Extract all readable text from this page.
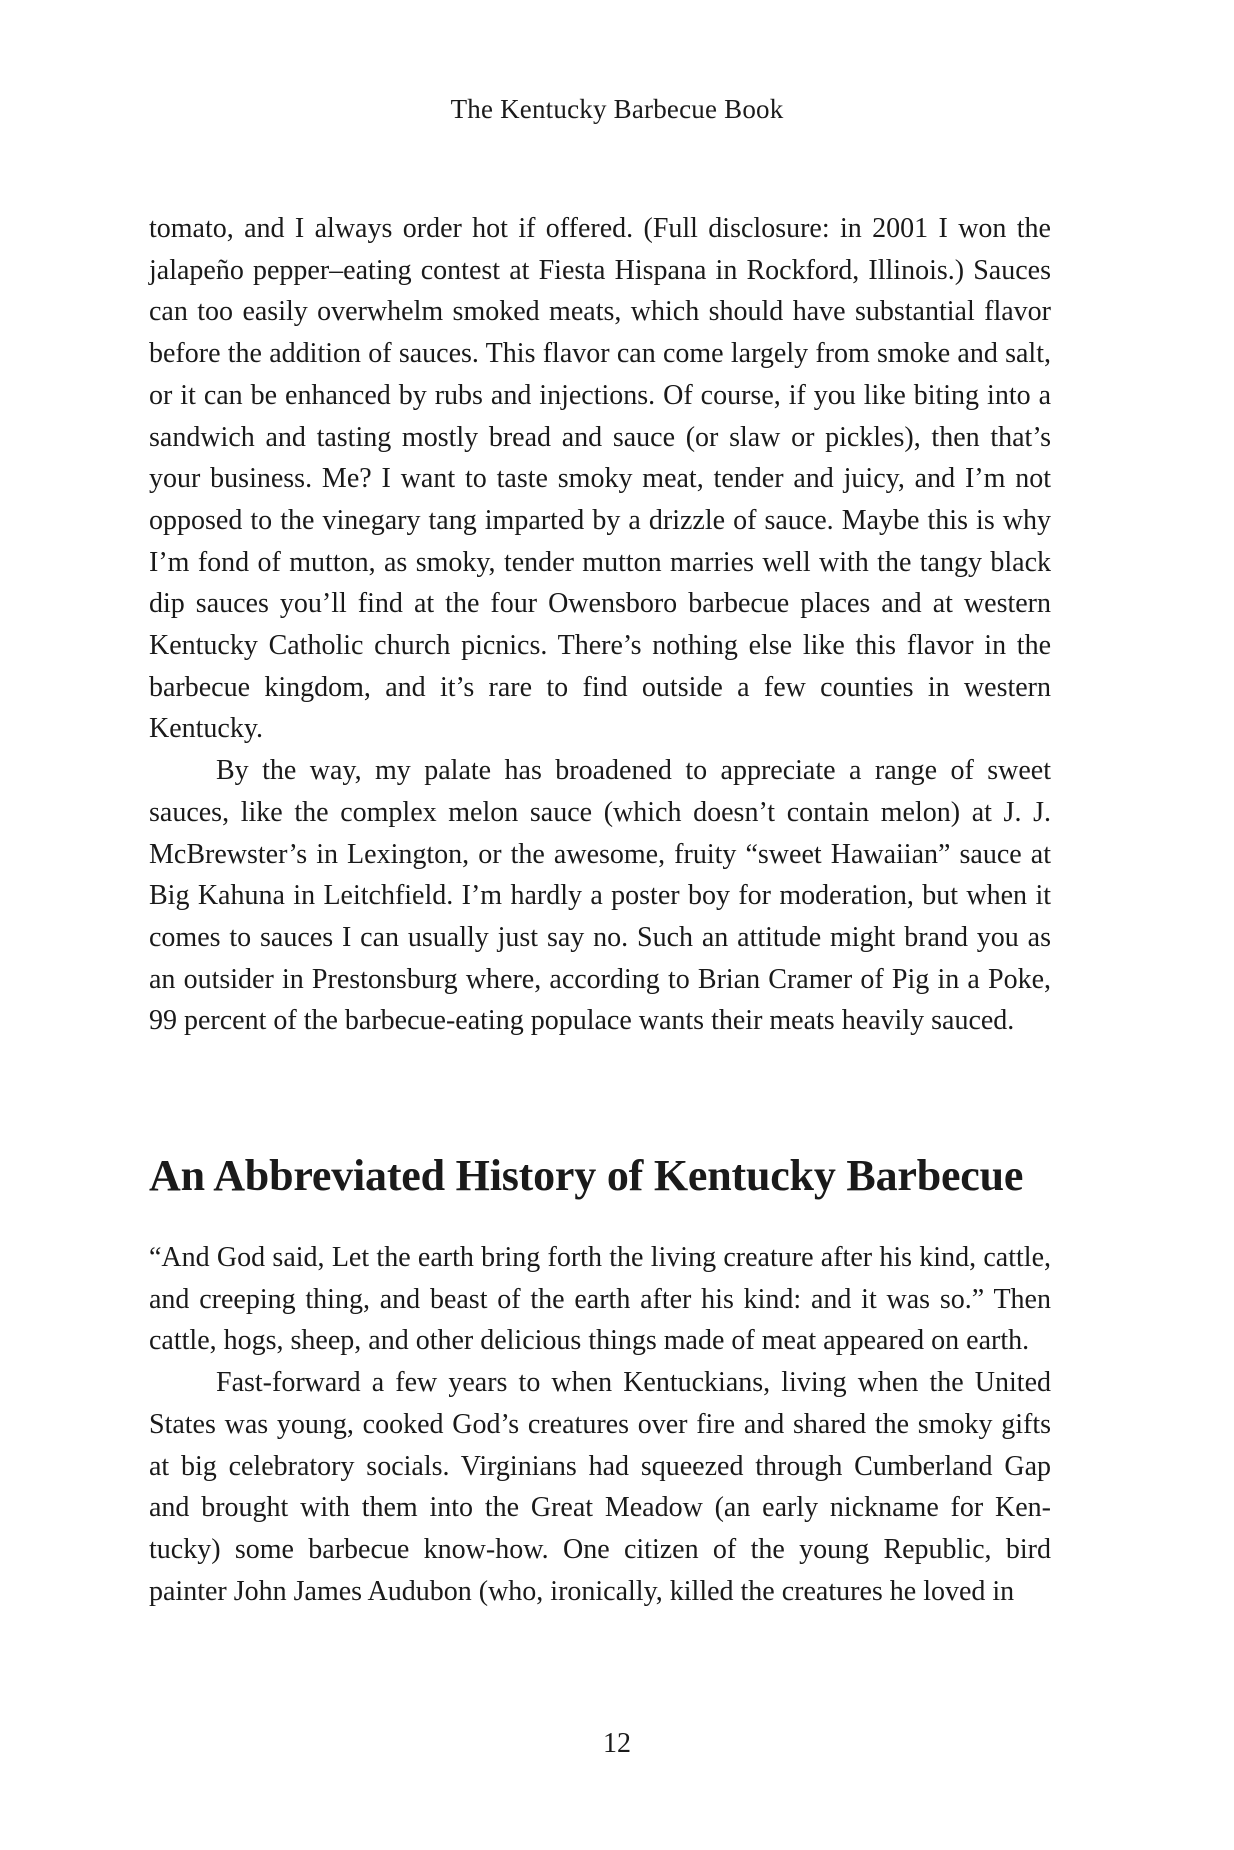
The Kentucky Barbecue Book

tomato, and I always order hot if offered. (Full disclosure: in 2001 I won the jalapeño pepper–eating contest at Fiesta Hispana in Rockford, Illinois.) Sauces can too easily overwhelm smoked meats, which should have substantial flavor before the addition of sauces. This flavor can come largely from smoke and salt, or it can be enhanced by rubs and injections. Of course, if you like biting into a sandwich and tasting mostly bread and sauce (or slaw or pickles), then that’s your business. Me? I want to taste smoky meat, tender and juicy, and I’m not opposed to the vinegary tang imparted by a drizzle of sauce. Maybe this is why I’m fond of mutton, as smoky, tender mutton marries well with the tangy black dip sauces you’ll find at the four Owensboro barbecue places and at western Kentucky Catholic church picnics. There’s nothing else like this flavor in the barbecue kingdom, and it’s rare to find outside a few counties in western Kentucky.

By the way, my palate has broadened to appreciate a range of sweet sauces, like the complex melon sauce (which doesn’t contain melon) at J. J. McBrewster’s in Lexington, or the awesome, fruity “sweet Hawaiian” sauce at Big Kahuna in Leitchfield. I’m hardly a poster boy for moderation, but when it comes to sauces I can usually just say no. Such an attitude might brand you as an outsider in Prestonsburg where, according to Brian Cramer of Pig in a Poke, 99 percent of the barbecue-eating populace wants their meats heavily sauced.

An Abbreviated History of Kentucky Barbecue

“And God said, Let the earth bring forth the living creature after his kind, cattle, and creeping thing, and beast of the earth after his kind: and it was so.” Then cattle, hogs, sheep, and other delicious things made of meat appeared on earth.

Fast-forward a few years to when Kentuckians, living when the United States was young, cooked God’s creatures over fire and shared the smoky gifts at big celebratory socials. Virginians had squeezed through Cumberland Gap and brought with them into the Great Meadow (an early nickname for Kentucky) some barbecue know-how. One citizen of the young Republic, bird painter John James Audubon (who, ironically, killed the creatures he loved in

12
